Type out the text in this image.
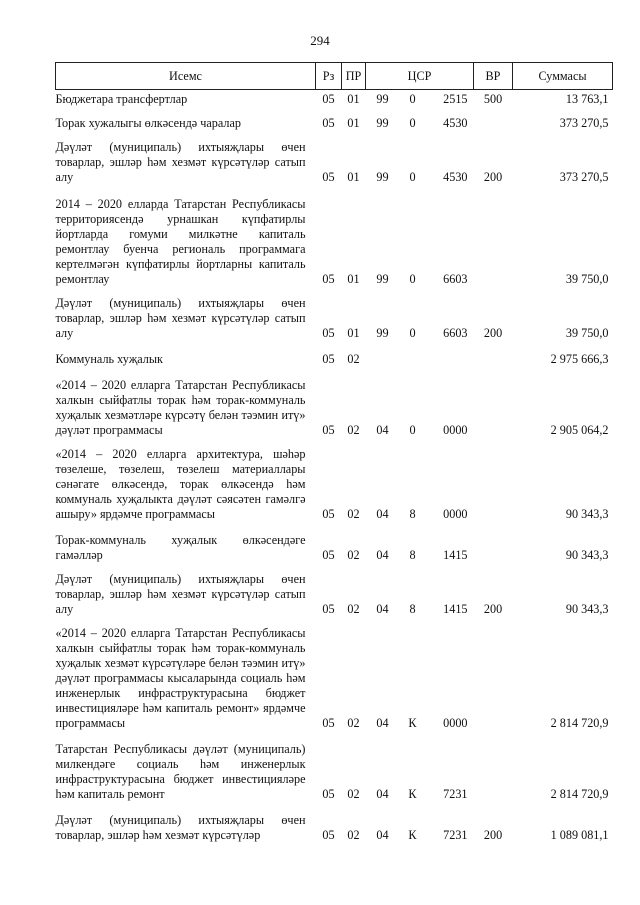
294
Исемс	Рз	ПР	ЦСР			ВР	Суммасы

Бюджетара трансфертлар	05	01	99	0	2515	500	13 763,1

Торак хужалыгы өлкәсендә чаралар	05	01	99	0	4530		373 270,5

Дәүләт (муниципаль) ихтыяҗлары өчен товарлар, эшләр һәм хезмәт күрсәтүләр сатып алу	05	01	99	0	4530	200	373 270,5

2014 – 2020 елларда Татарстан Республикасы территориясендә урнашкан күпфатирлы йортларда гомуми милкәтне капиталь ремонтлау буенча региональ программага кертелмәгән күпфатирлы йортларны капиталь ремонтлау	05	01	99	0	6603		39 750,0

Дәүләт (муниципаль) ихтыяҗлары өчен товарлар, эшләр һәм хезмәт күрсәтүләр сатып алу	05	01	99	0	6603	200	39 750,0

Коммуналь хуҗалык	05	02					2 975 666,3

«2014 – 2020 елларга Татарстан Республикасы халкын сыйфатлы торак һәм торак-коммуналь хуҗалык хезмәтләре күрсәтү белән тәэмин итү» дәүләт программасы	05	02	04	0	0000		2 905 064,2

«2014 – 2020 елларга архитектура, шәһәр төзелеше, төзелеш, төзелеш материаллары сәнәгате өлкәсендә, торак өлкәсендә һәм коммуналь хуҗалыкта дәүләт сәясәтен гамәлгә ашыру» ярдәмче программасы	05	02	04	8	0000		90 343,3

Торак-коммуналь хуҗалык өлкәсендәге гамәлләр	05	02	04	8	1415		90 343,3

Дәүләт (муниципаль) ихтыяҗлары өчен товарлар, эшләр һәм хезмәт күрсәтүләр сатып алу	05	02	04	8	1415	200	90 343,3

«2014 – 2020 елларга Татарстан Республикасы халкын сыйфатлы торак һәм торак-коммуналь хуҗалык хезмәт күрсәтүләре белән тәэмин итү» дәүләт программасы кысаларында социаль һәм инженерлык инфраструктурасына бюджет инвестицияләре һәм капиталь ремонт» ярдәмче программасы	05	02	04	К	0000		2 814 720,9

Татарстан Республикасы дәүләт (муниципаль) милкендәге социаль һәм инженерлык инфраструктурасына бюджет инвестицияләре һәм капиталь ремонт	05	02	04	К	7231		2 814 720,9

Дәүләт (муниципаль) ихтыяҗлары өчен товарлар, эшләр һәм хезмәт күрсәтүләр	05	02	04	К	7231	200	1 089 081,1
